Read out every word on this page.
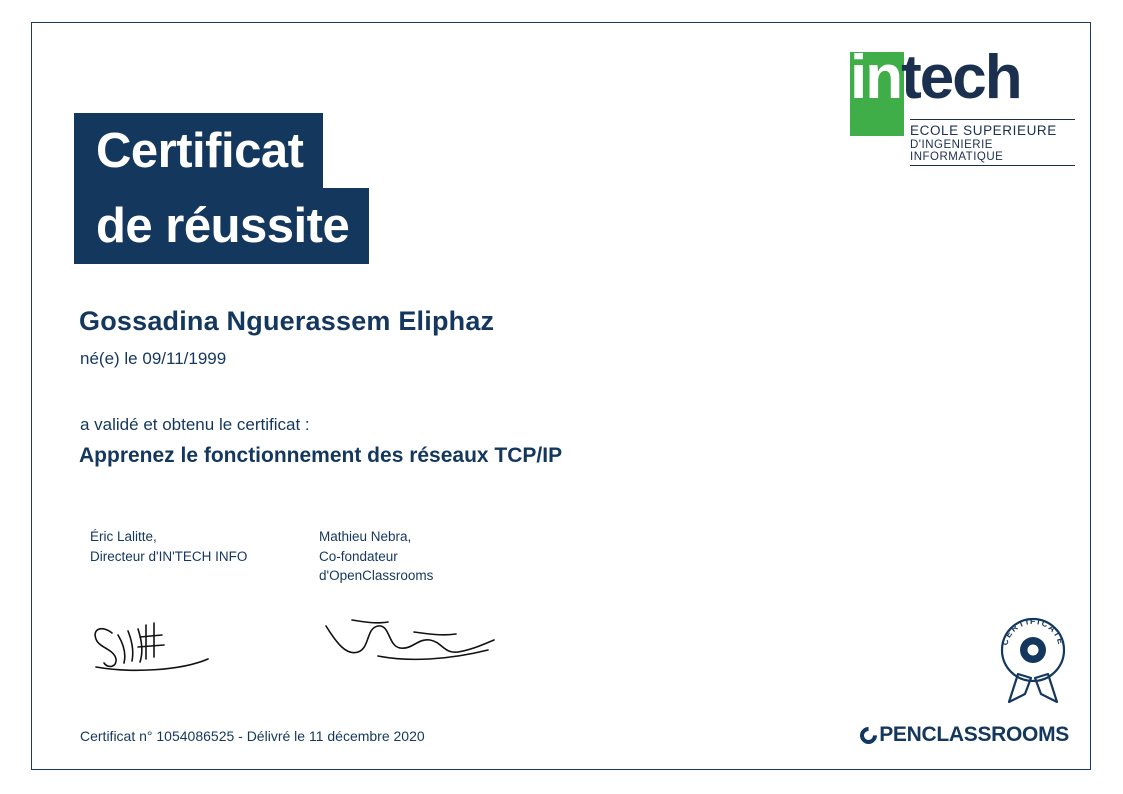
Certificat de réussite
intech
ECOLE SUPERIEURE
D'INGENIERIE INFORMATIQUE
Gossadina Nguerassem Eliphaz
né(e) le 09/11/1999
a validé et obtenu le certificat :
Apprenez le fonctionnement des réseaux TCP/IP
Éric Lalitte,
Directeur d'IN'TECH INFO
Mathieu Nebra,
Co-fondateur
d'OpenClassrooms
CERTIFICATE
Certificat n° 1054086525 - Délivré le 11 décembre 2020	PENCLASSROOMS
